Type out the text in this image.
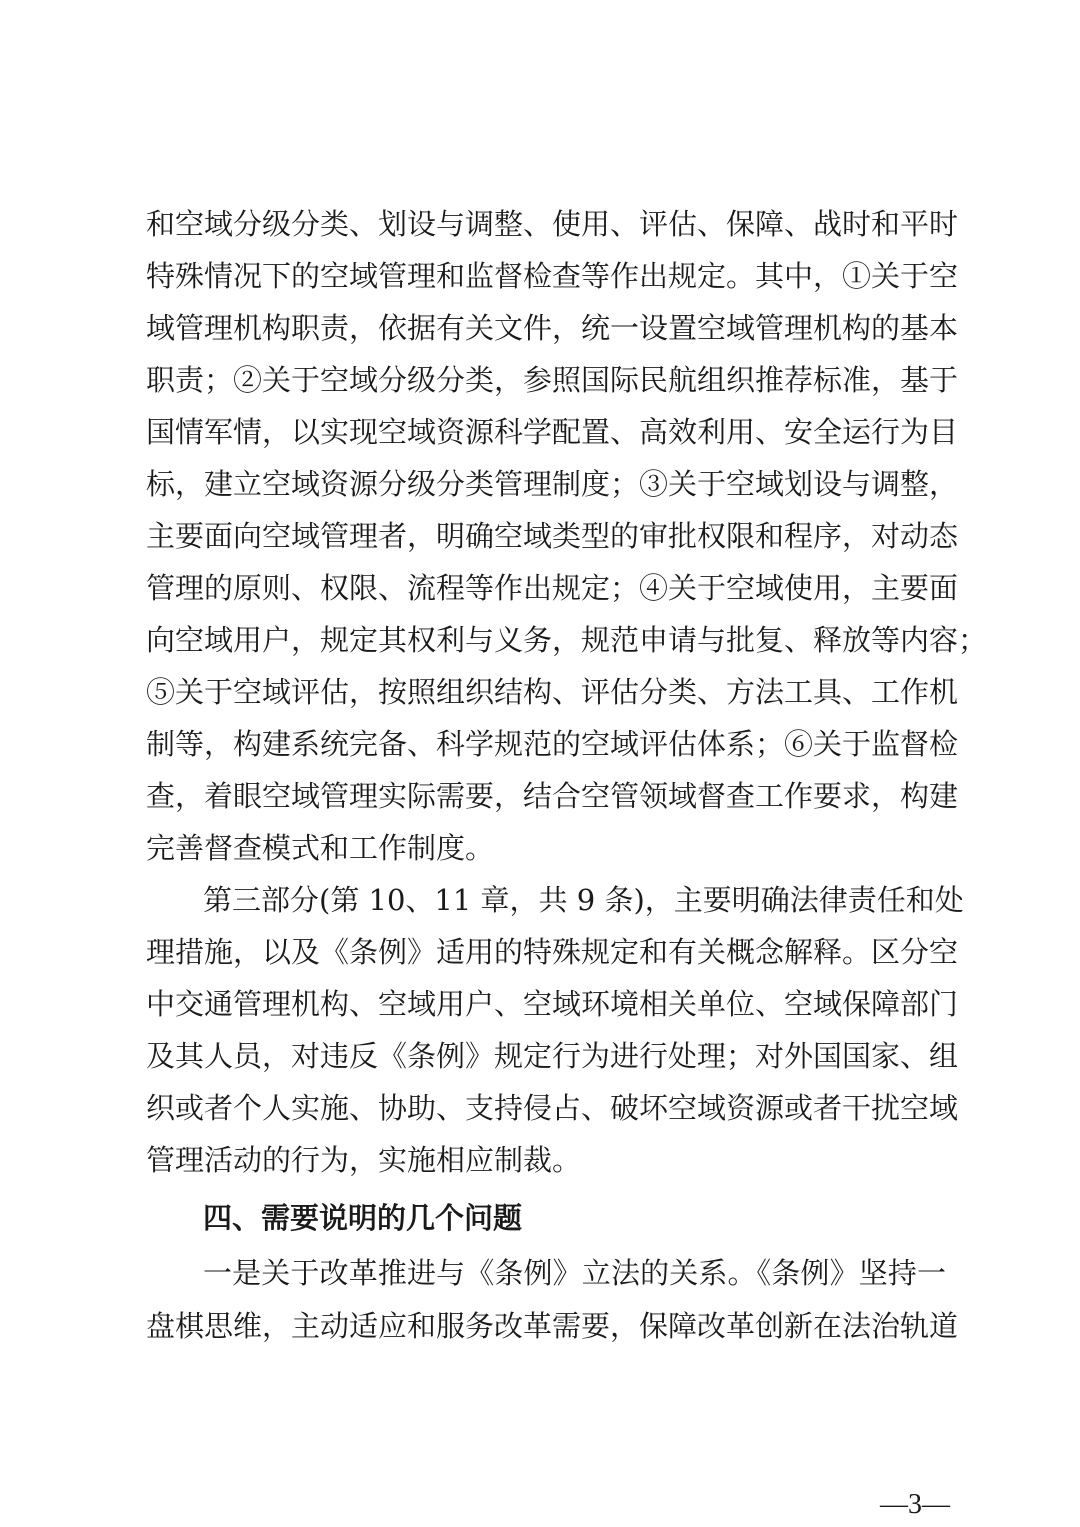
和空域分级分类、划设与调整、使用、评估、保障、战时和平时
特殊情况下的空域管理和监督检查等作出规定。其中，①关于空
域管理机构职责，依据有关文件，统一设置空域管理机构的基本
职责；②关于空域分级分类，参照国际民航组织推荐标准，基于
国情军情，以实现空域资源科学配置、高效利用、安全运行为目
标，建立空域资源分级分类管理制度；③关于空域划设与调整，
主要面向空域管理者，明确空域类型的审批权限和程序，对动态
管理的原则、权限、流程等作出规定；④关于空域使用，主要面
向空域用户，规定其权利与义务，规范申请与批复、释放等内容；
⑤关于空域评估，按照组织结构、评估分类、方法工具、工作机
制等，构建系统完备、科学规范的空域评估体系；⑥关于监督检
查，着眼空域管理实际需要，结合空管领域督查工作要求，构建
完善督查模式和工作制度。
第三部分(第 10、11 章，共 9 条)，主要明确法律责任和处
理措施，以及《条例》适用的特殊规定和有关概念解释。区分空
中交通管理机构、空域用户、空域环境相关单位、空域保障部门
及其人员，对违反《条例》规定行为进行处理；对外国国家、组
织或者个人实施、协助、支持侵占、破坏空域资源或者干扰空域
管理活动的行为，实施相应制裁。
四、需要说明的几个问题
一是关于改革推进与《条例》立法的关系。《条例》坚持一
盘棋思维，主动适应和服务改革需要，保障改革创新在法治轨道
—3—
